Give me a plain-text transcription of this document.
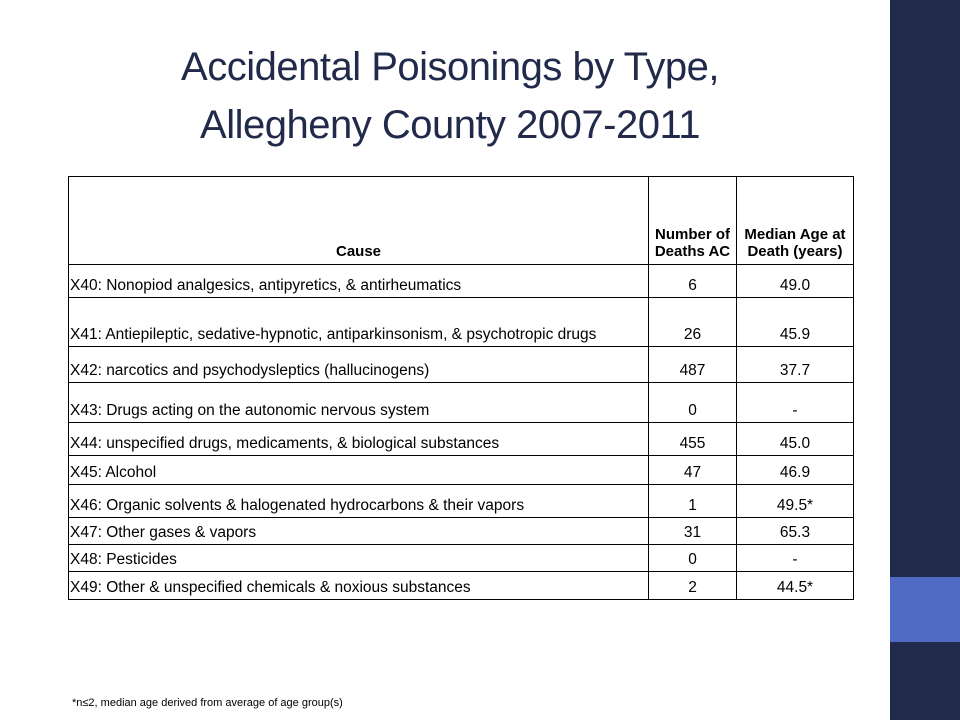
Accidental Poisonings by Type,
Allegheny County 2007-2011
Cause	Number of Deaths AC	Median Age at Death (years)
X40: Nonopiod analgesics, antipyretics, & antirheumatics	6	49.0
X41: Antiepileptic, sedative-hypnotic, antiparkinsonism, & psychotropic drugs	26	45.9
X42: narcotics and psychodysleptics (hallucinogens)	487	37.7
X43: Drugs acting on the autonomic nervous system	0	-
X44: unspecified drugs, medicaments, & biological substances	455	45.0
X45: Alcohol	47	46.9
X46: Organic solvents & halogenated hydrocarbons & their vapors	1	49.5*
X47: Other gases & vapors	31	65.3
X48: Pesticides	0	-
X49: Other & unspecified chemicals & noxious substances	2	44.5*
*n≤2, median age derived from average of age group(s)
